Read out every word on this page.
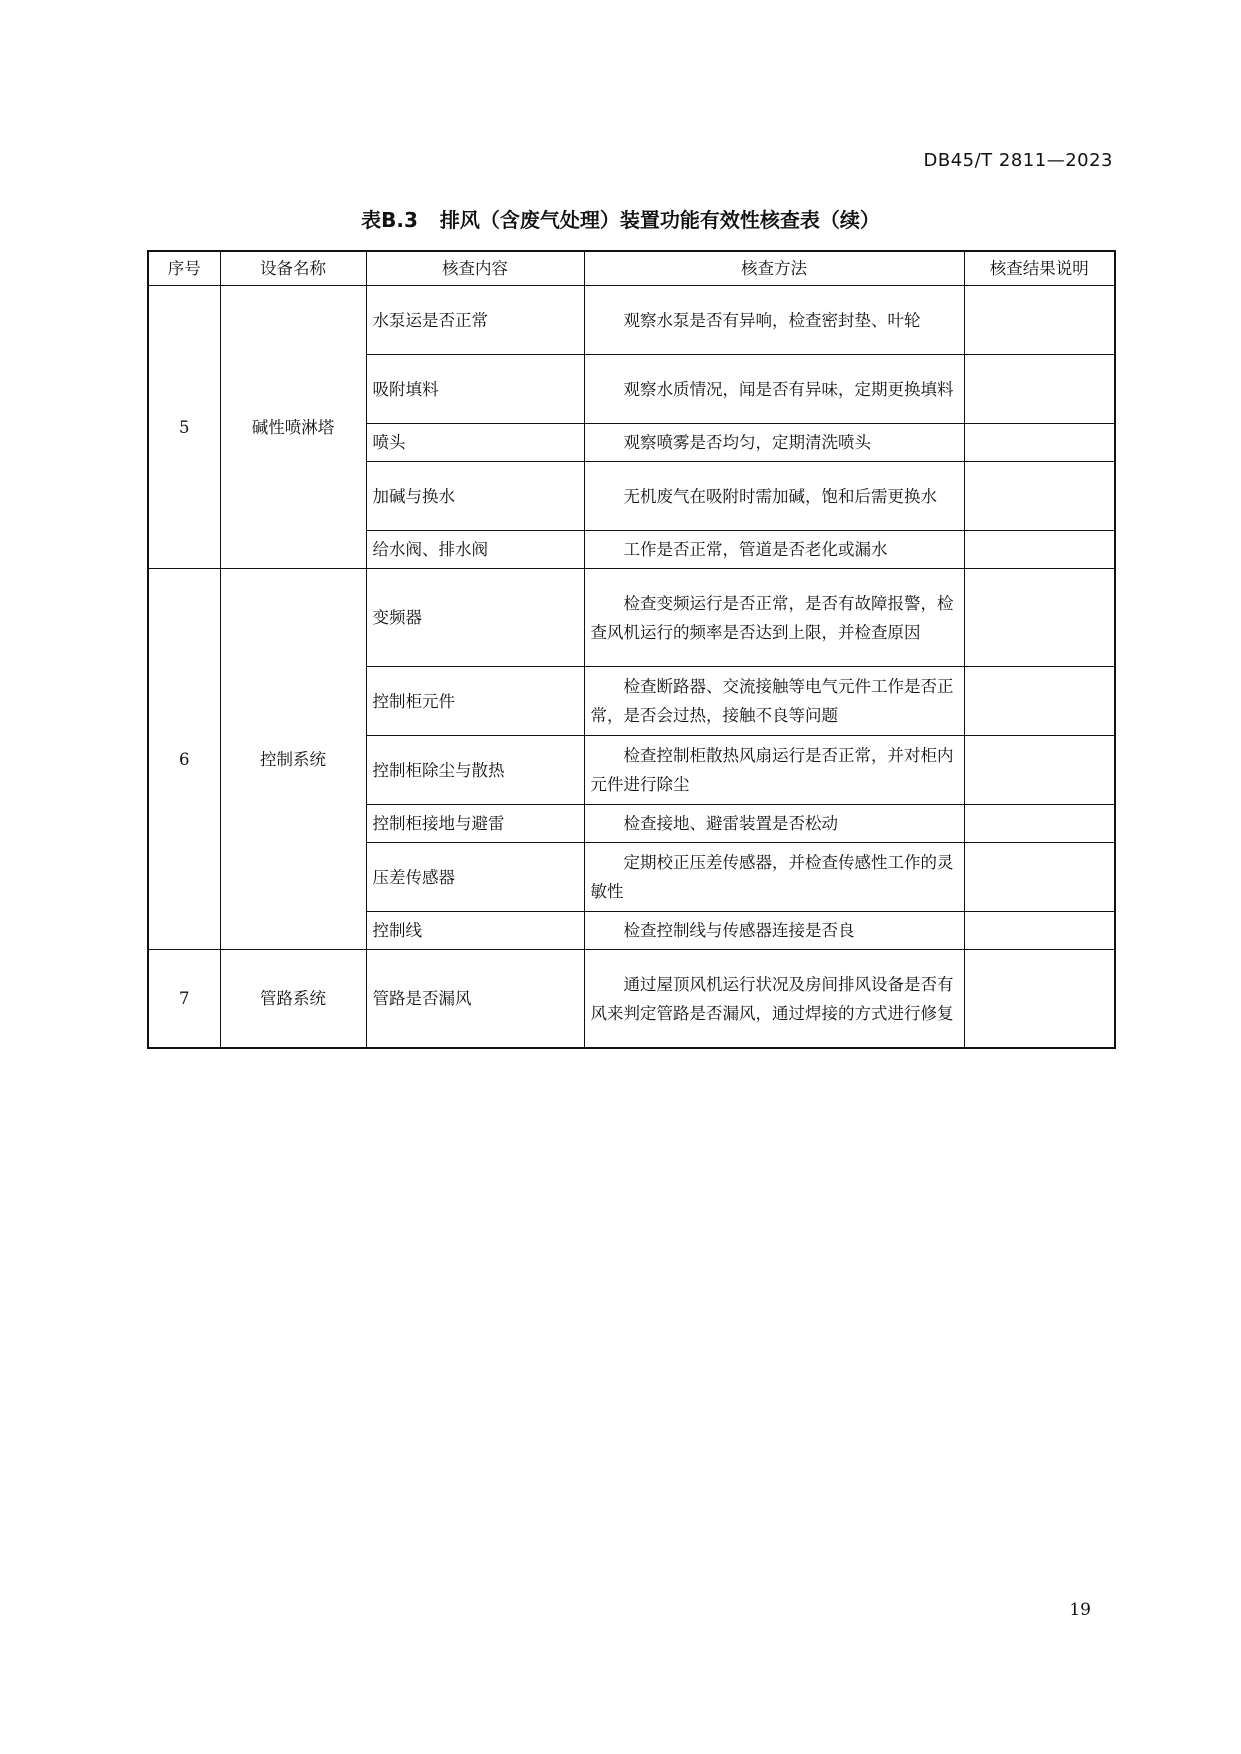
DB45/T 2811—2023
表B.3 排风（含废气处理）装置功能有效性核查表（续）
序号	设备名称	核查内容	核查方法	核查结果说明
5	碱性喷淋塔	水泵运是否正常	观察水泵是否有异响，检查密封垫、叶轮	

		吸附填料	观察水质情况，闻是否有异味，定期更换填料	

		喷头	观察喷雾是否均匀，定期清洗喷头	

		加碱与换水	无机废气在吸附时需加碱，饱和后需更换水	

		给水阀、排水阀	工作是否正常，管道是否老化或漏水	

6	控制系统	变频器	检查变频运行是否正常，是否有故障报警，检查风机运行的频率是否达到上限，并检查原因	

		控制柜元件	检查断路器、交流接触等电气元件工作是否正常，是否会过热，接触不良等问题	

		控制柜除尘与散热	检查控制柜散热风扇运行是否正常，并对柜内元件进行除尘	

		控制柜接地与避雷	检查接地、避雷装置是否松动	

		压差传感器	定期校正压差传感器，并检查传感性工作的灵敏性	

		控制线	检查控制线与传感器连接是否良	

7	管路系统	管路是否漏风	通过屋顶风机运行状况及房间排风设备是否有风来判定管路是否漏风，通过焊接的方式进行修复	

19
